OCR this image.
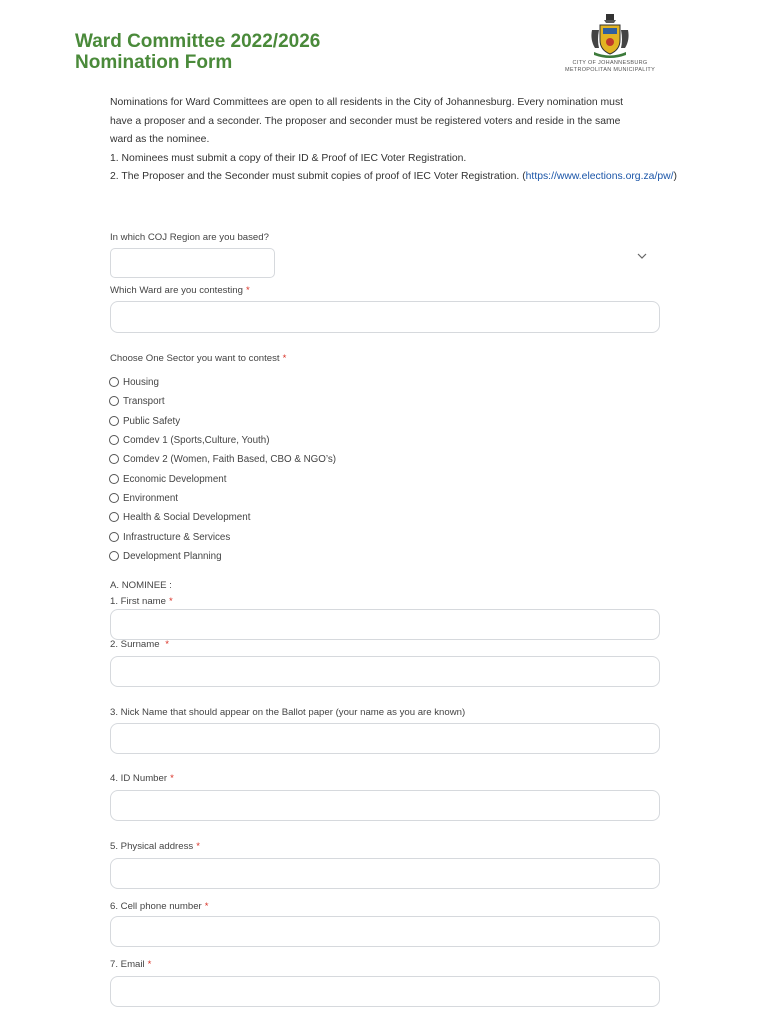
Ward Committee 2022/2026
Nomination Form	CITY OF JOHANNESBURG
METROPOLITAN MUNICIPALITY
Nominations for Ward Committees are open to all residents in the City of Johannesburg. Every nomination must
have a proposer and a seconder. The proposer and seconder must be registered voters and reside in the same
ward as the nominee.
1. Nominees must submit a copy of their ID & Proof of IEC Voter Registration.
2. The Proposer and the Seconder must submit copies of proof of IEC Voter Registration. (https://www.elections.org.za/pw/)
In which COJ Region are you based?
Which Ward are you contesting *
Choose One Sector you want to contest *
Housing
Transport
Public Safety
Comdev 1 (Sports,Culture, Youth)
Comdev 2 (Women, Faith Based, CBO & NGO’s)
Economic Development
Environment
Health & Social Development
Infrastructure & Services
Development Planning
A. NOMINEE :
1. First name *
2. Surname *
3. Nick Name that should appear on the Ballot paper (your name as you are known)
4. ID Number *
5. Physical address *
6. Cell phone number *
7. Email *
